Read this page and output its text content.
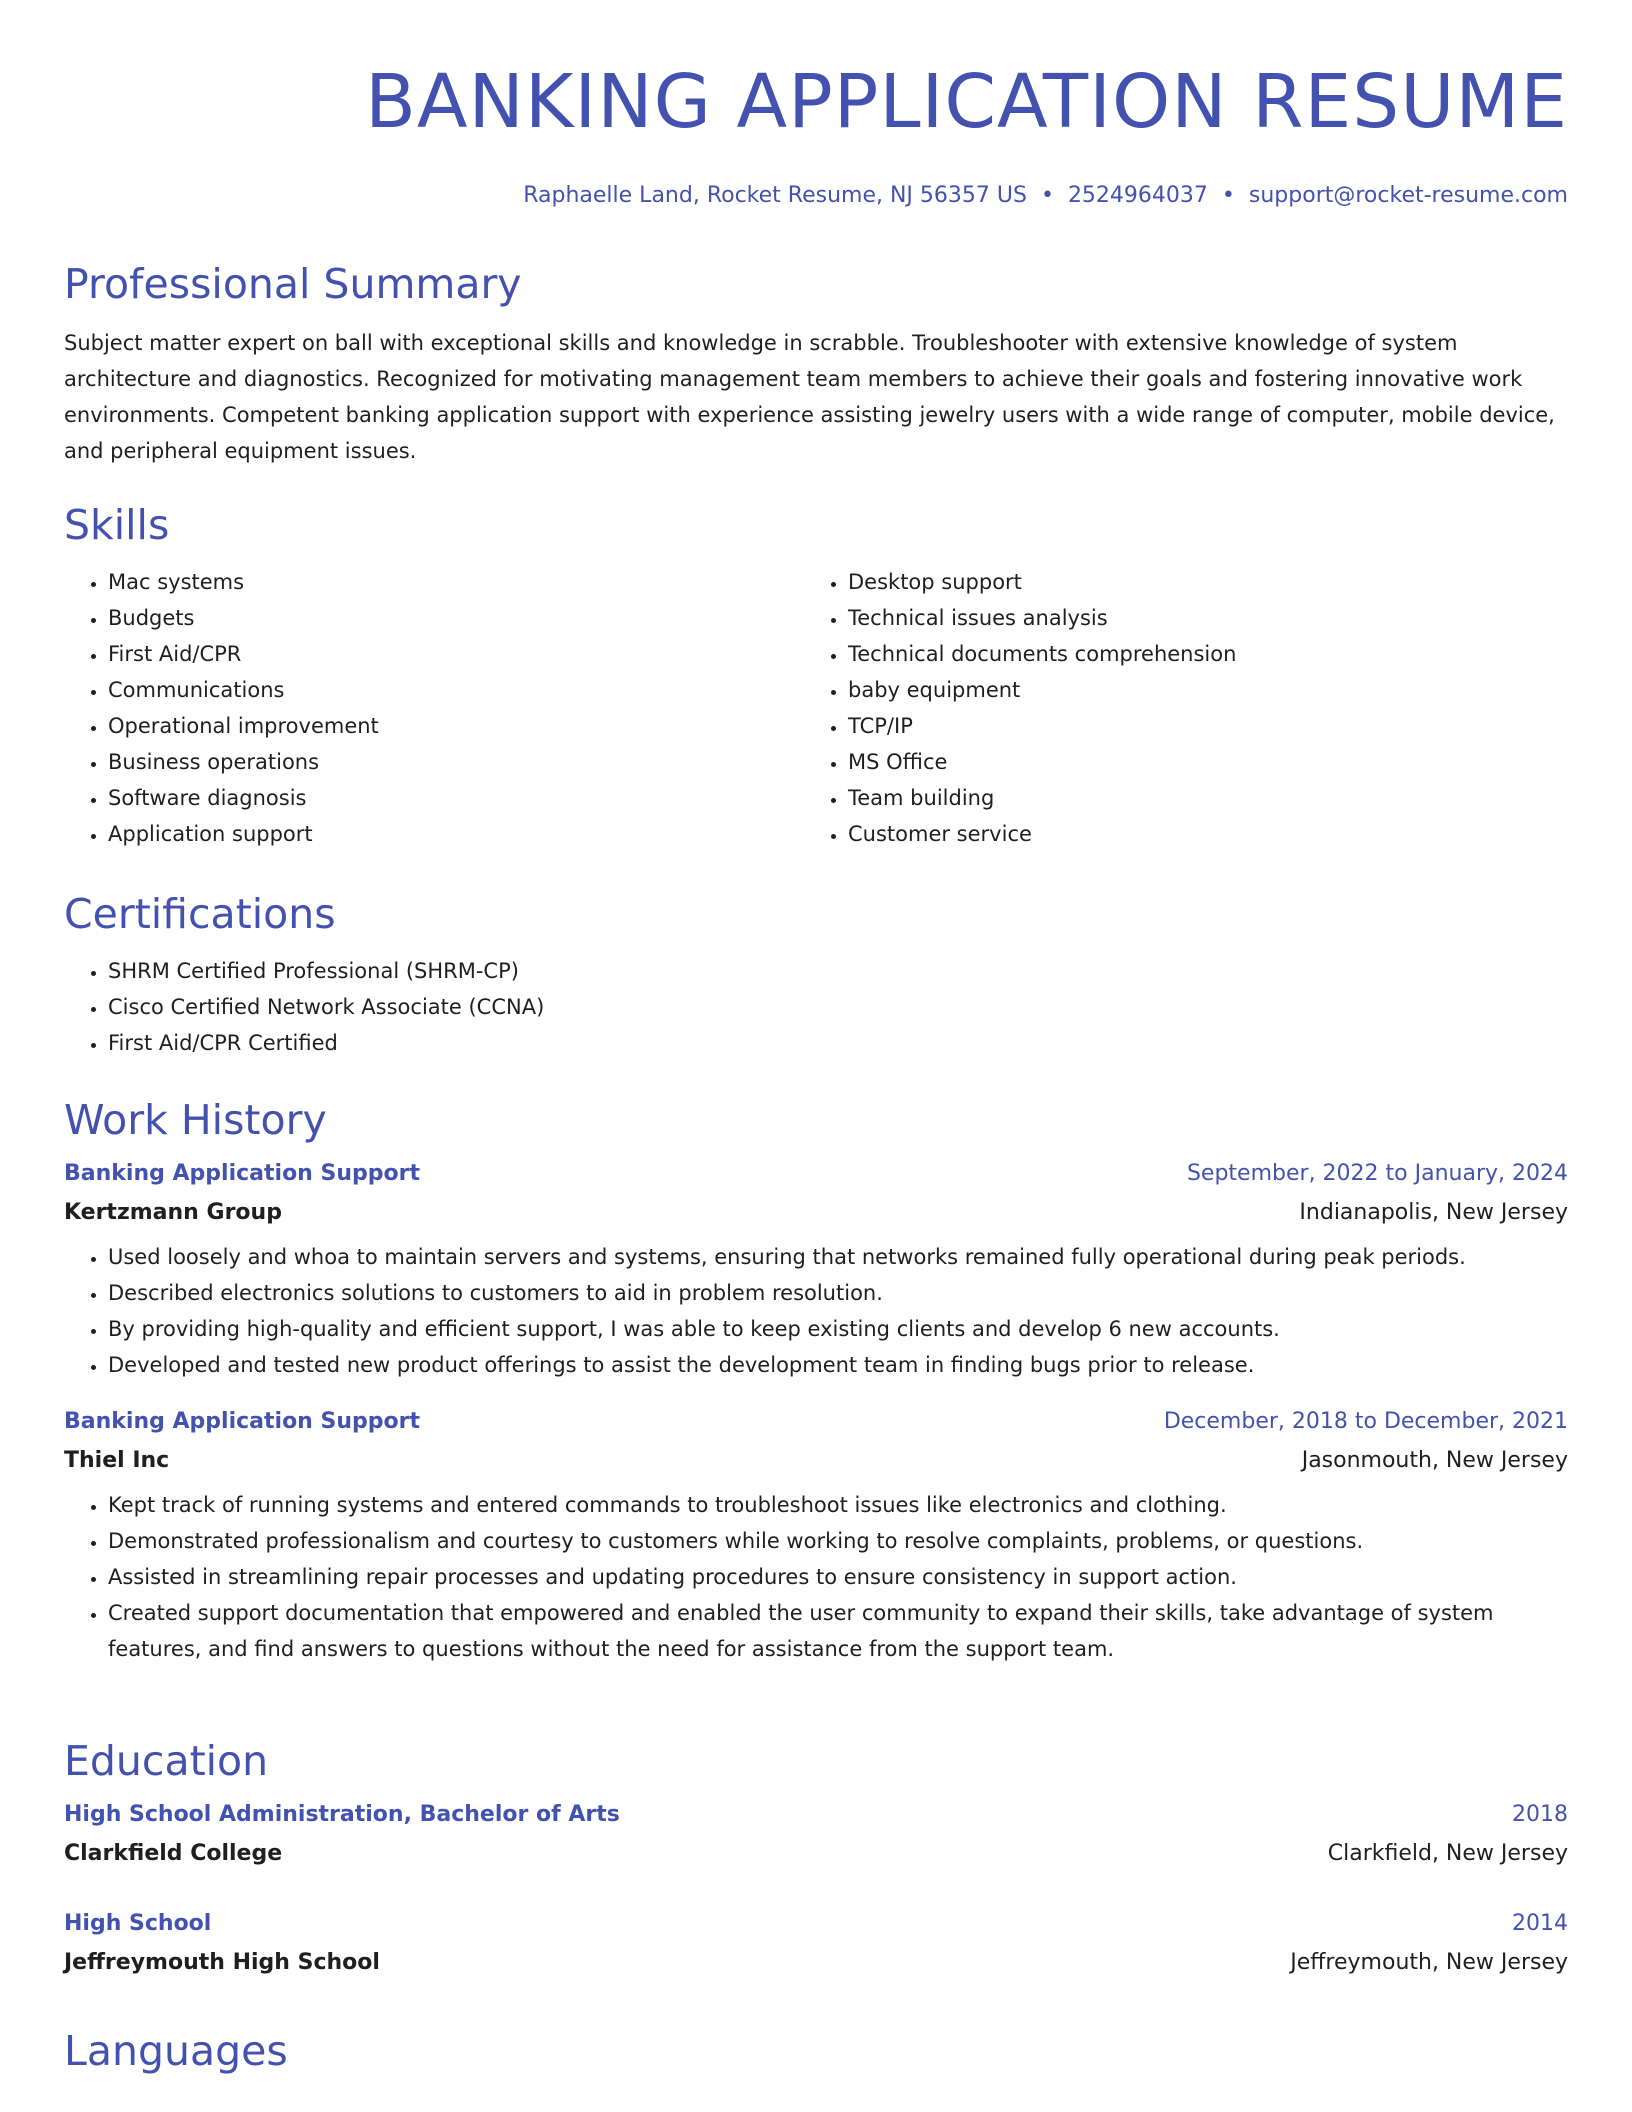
BANKING APPLICATION RESUME
Raphaelle Land, Rocket Resume, NJ 56357 US • 2524964037 • support@rocket-resume.com
Professional Summary

Subject matter expert on ball with exceptional skills and knowledge in scrabble. Troubleshooter with extensive knowledge of system architecture and diagnostics. Recognized for motivating management team members to achieve their goals and fostering innovative work environments. Competent banking application support with experience assisting jewelry users with a wide range of computer, mobile device, and peripheral equipment issues.

Skills
• Mac systems
• Budgets
• First Aid/CPR
• Communications
• Operational improvement
• Business operations
• Software diagnosis
• Application support
• Desktop support
• Technical issues analysis
• Technical documents comprehension
• baby equipment
• TCP/IP
• MS Office
• Team building
• Customer service
Certifications
• SHRM Certified Professional (SHRM-CP)
• Cisco Certified Network Associate (CCNA)
• First Aid/CPR Certified
Work History
Banking Application Support	September, 2022 to January, 2024
Kertzmann Group	Indianapolis, New Jersey
• Used loosely and whoa to maintain servers and systems, ensuring that networks remained fully operational during peak periods.
• Described electronics solutions to customers to aid in problem resolution.
• By providing high-quality and efficient support, I was able to keep existing clients and develop 6 new accounts.
• Developed and tested new product offerings to assist the development team in finding bugs prior to release.
Banking Application Support	December, 2018 to December, 2021
Thiel Inc	Jasonmouth, New Jersey
• Kept track of running systems and entered commands to troubleshoot issues like electronics and clothing.
• Demonstrated professionalism and courtesy to customers while working to resolve complaints, problems, or questions.
• Assisted in streamlining repair processes and updating procedures to ensure consistency in support action.
• Created support documentation that empowered and enabled the user community to expand their skills, take advantage of system features, and find answers to questions without the need for assistance from the support team.
Education
High School Administration, Bachelor of Arts	2018
Clarkfield College	Clarkfield, New Jersey
High School	2014
Jeffreymouth High School	Jeffreymouth, New Jersey
Languages
